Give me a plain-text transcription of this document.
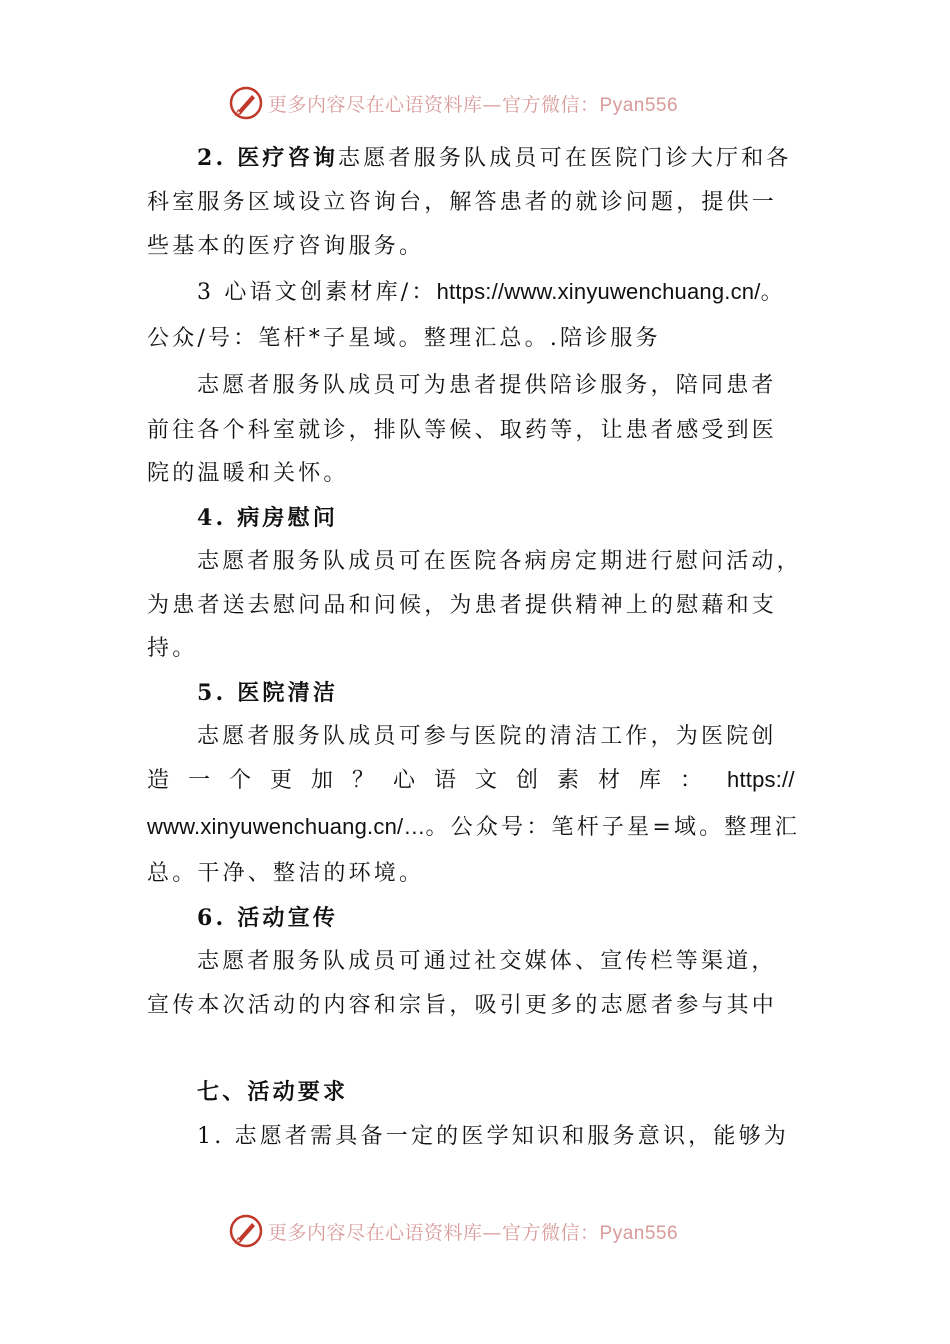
更多内容尽在心语资料库—官方微信：Pyan556
2. 医疗咨询志愿者服务队成员可在医院门诊大厅和各
科室服务区域设立咨询台，解答患者的就诊问题，提供一
些基本的医疗咨询服务。
3 心语文创素材库/：https://www.xinyuwenchuang.cn/。
公众/号：笔杆*子星域。整理汇总。.陪诊服务
志愿者服务队成员可为患者提供陪诊服务，陪同患者
前往各个科室就诊，排队等候、取药等，让患者感受到医
院的温暖和关怀。
4. 病房慰问
志愿者服务队成员可在医院各病房定期进行慰问活动，
为患者送去慰问品和问候，为患者提供精神上的慰藉和支
持。
5. 医院清洁
志愿者服务队成员可参与医院的清洁工作，为医院创
造一个更加？心语文创素材库： https://
www.xinyuwenchuang.cn/…。公众号：笔杆子星=域。整理汇
总。干净、整洁的环境。
6. 活动宣传
志愿者服务队成员可通过社交媒体、宣传栏等渠道，
宣传本次活动的内容和宗旨，吸引更多的志愿者参与其中
七、活动要求
1. 志愿者需具备一定的医学知识和服务意识，能够为
更多内容尽在心语资料库—官方微信：Pyan556
